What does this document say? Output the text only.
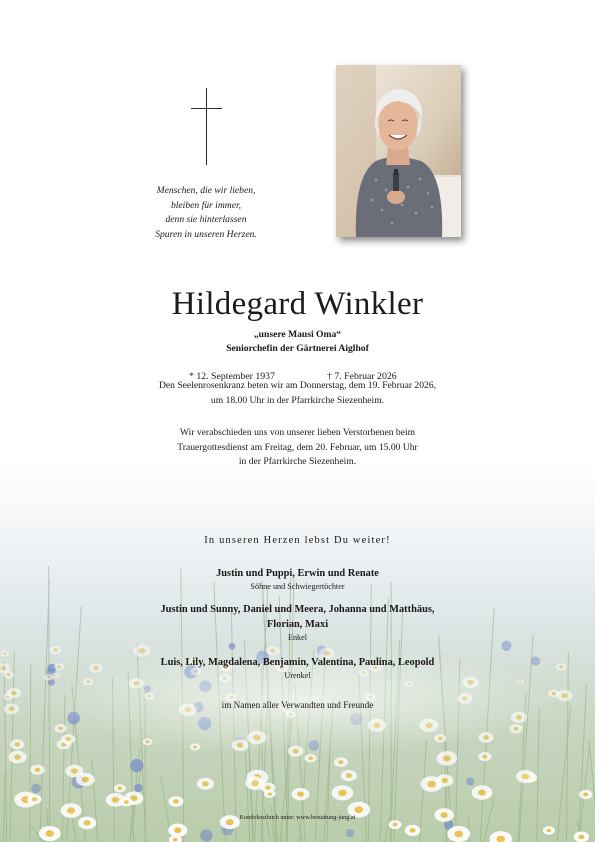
Menschen, die wir lieben,
bleiben für immer,
denn sie hinterlassen
Spuren in unseren Herzen.
Hildegard Winkler
„unsere Mausi Oma“
Seniorchefin der Gärtnerei Aiglhof
* 12. September 1937	† 7. Februar 2026
Den Seelenrosenkranz beten wir am Donnerstag, dem 19. Februar 2026,
um 18.00 Uhr in der Pfarrkirche Siezenheim.
Wir verabschieden uns von unserer lieben Verstorbenen beim
Trauergottesdienst am Freitag, dem 20. Februar, um 15.00 Uhr
in der Pfarrkirche Siezenheim.
In unseren Herzen lebst Du weiter!
Justin und Puppi, Erwin und Renate
Söhne und Schwiegertöchter
Justin und Sunny, Daniel und Meera, Johanna und Matthäus,
Florian, Maxi
Enkel
Luis, Lily, Magdalena, Benjamin, Valentina, Paulina, Leopold
Urenkel
im Namen aller Verwandten und Freunde
Kondolenzbuch unter: www.bestattung-jung.at
